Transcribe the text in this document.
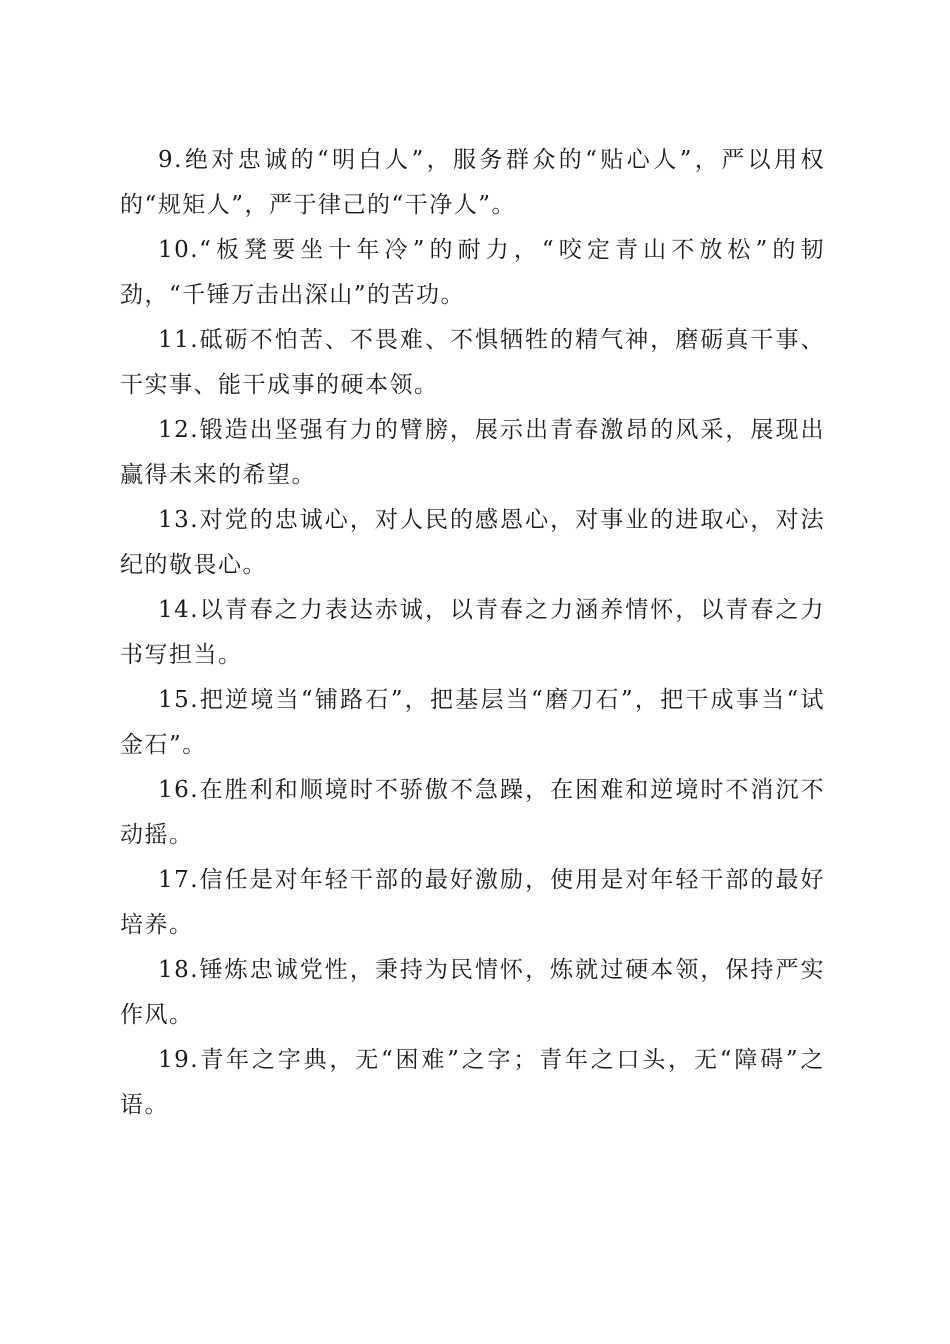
9.绝对忠诚的“明白人”，服务群众的“贴心人”，严以用权的“规矩人”，严于律己的“干净人”。

10.“板凳要坐十年冷”的耐力，“咬定青山不放松”的韧劲，“千锤万击出深山”的苦功。

11.砥砺不怕苦、不畏难、不惧牺牲的精气神，磨砺真干事、干实事、能干成事的硬本领。

12.锻造出坚强有力的臂膀，展示出青春激昂的风采，展现出赢得未来的希望。

13.对党的忠诚心，对人民的感恩心，对事业的进取心，对法纪的敬畏心。

14.以青春之力表达赤诚，以青春之力涵养情怀，以青春之力书写担当。

15.把逆境当“铺路石”，把基层当“磨刀石”，把干成事当“试金石”。

16.在胜利和顺境时不骄傲不急躁，在困难和逆境时不消沉不动摇。

17.信任是对年轻干部的最好激励，使用是对年轻干部的最好培养。

18.锤炼忠诚党性，秉持为民情怀，炼就过硬本领，保持严实作风。

19.青年之字典，无“困难”之字；青年之口头，无“障碍”之语。
